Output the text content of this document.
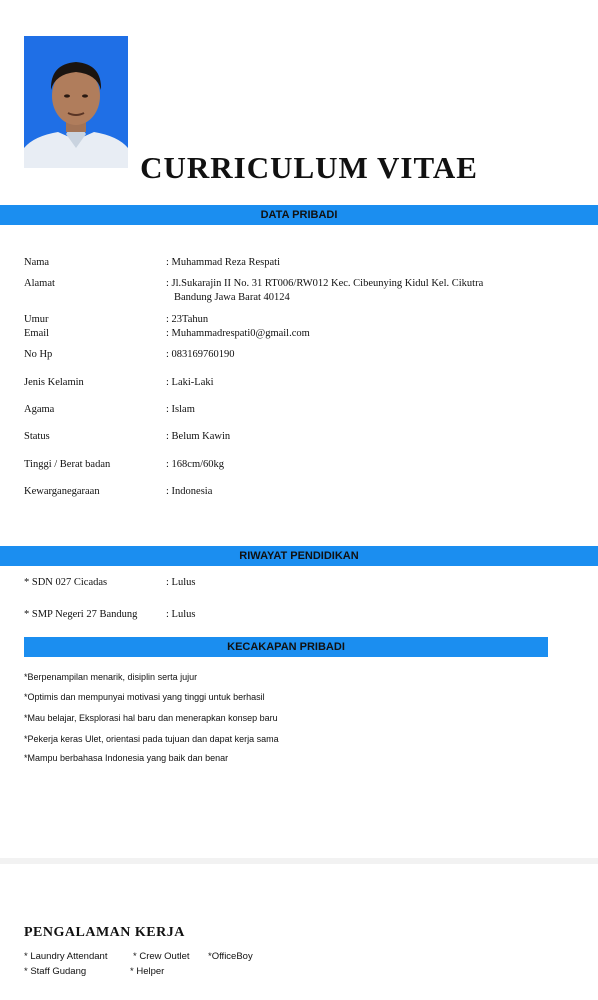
CURRICULUM VITAE
DATA PRIBADI
Nama	: Muhammad Reza Respati
Alamat	: Jl.Sukarajin II No. 31 RT006/RW012 Kec. Cibeunying Kidul Kel. Cikutra
Bandung Jawa Barat 40124
Umur	: 23Tahun
Email	: Muhammadrespati0@gmail.com
No Hp	: 083169760190
Jenis Kelamin	: Laki-Laki
Agama	: Islam
Status	: Belum Kawin
Tinggi / Berat badan	: 168cm/60kg
Kewarganegaraan	: Indonesia
RIWAYAT PENDIDIKAN
* SDN 027 Cicadas	: Lulus
* SMP Negeri 27 Bandung	: Lulus
KECAKAPAN PRIBADI
*Berpenampilan menarik, disiplin serta jujur
*Optimis dan mempunyai motivasi yang tinggi untuk berhasil
*Mau belajar, Eksplorasi hal baru dan menerapkan konsep baru
*Pekerja keras Ulet, orientasi pada tujuan dan dapat kerja sama
*Mampu berbahasa Indonesia yang baik dan benar
PENGALAMAN KERJA
* Laundry Attendant	* Crew Outlet *OfficeBoy
* Staff Gudang	* Helper
